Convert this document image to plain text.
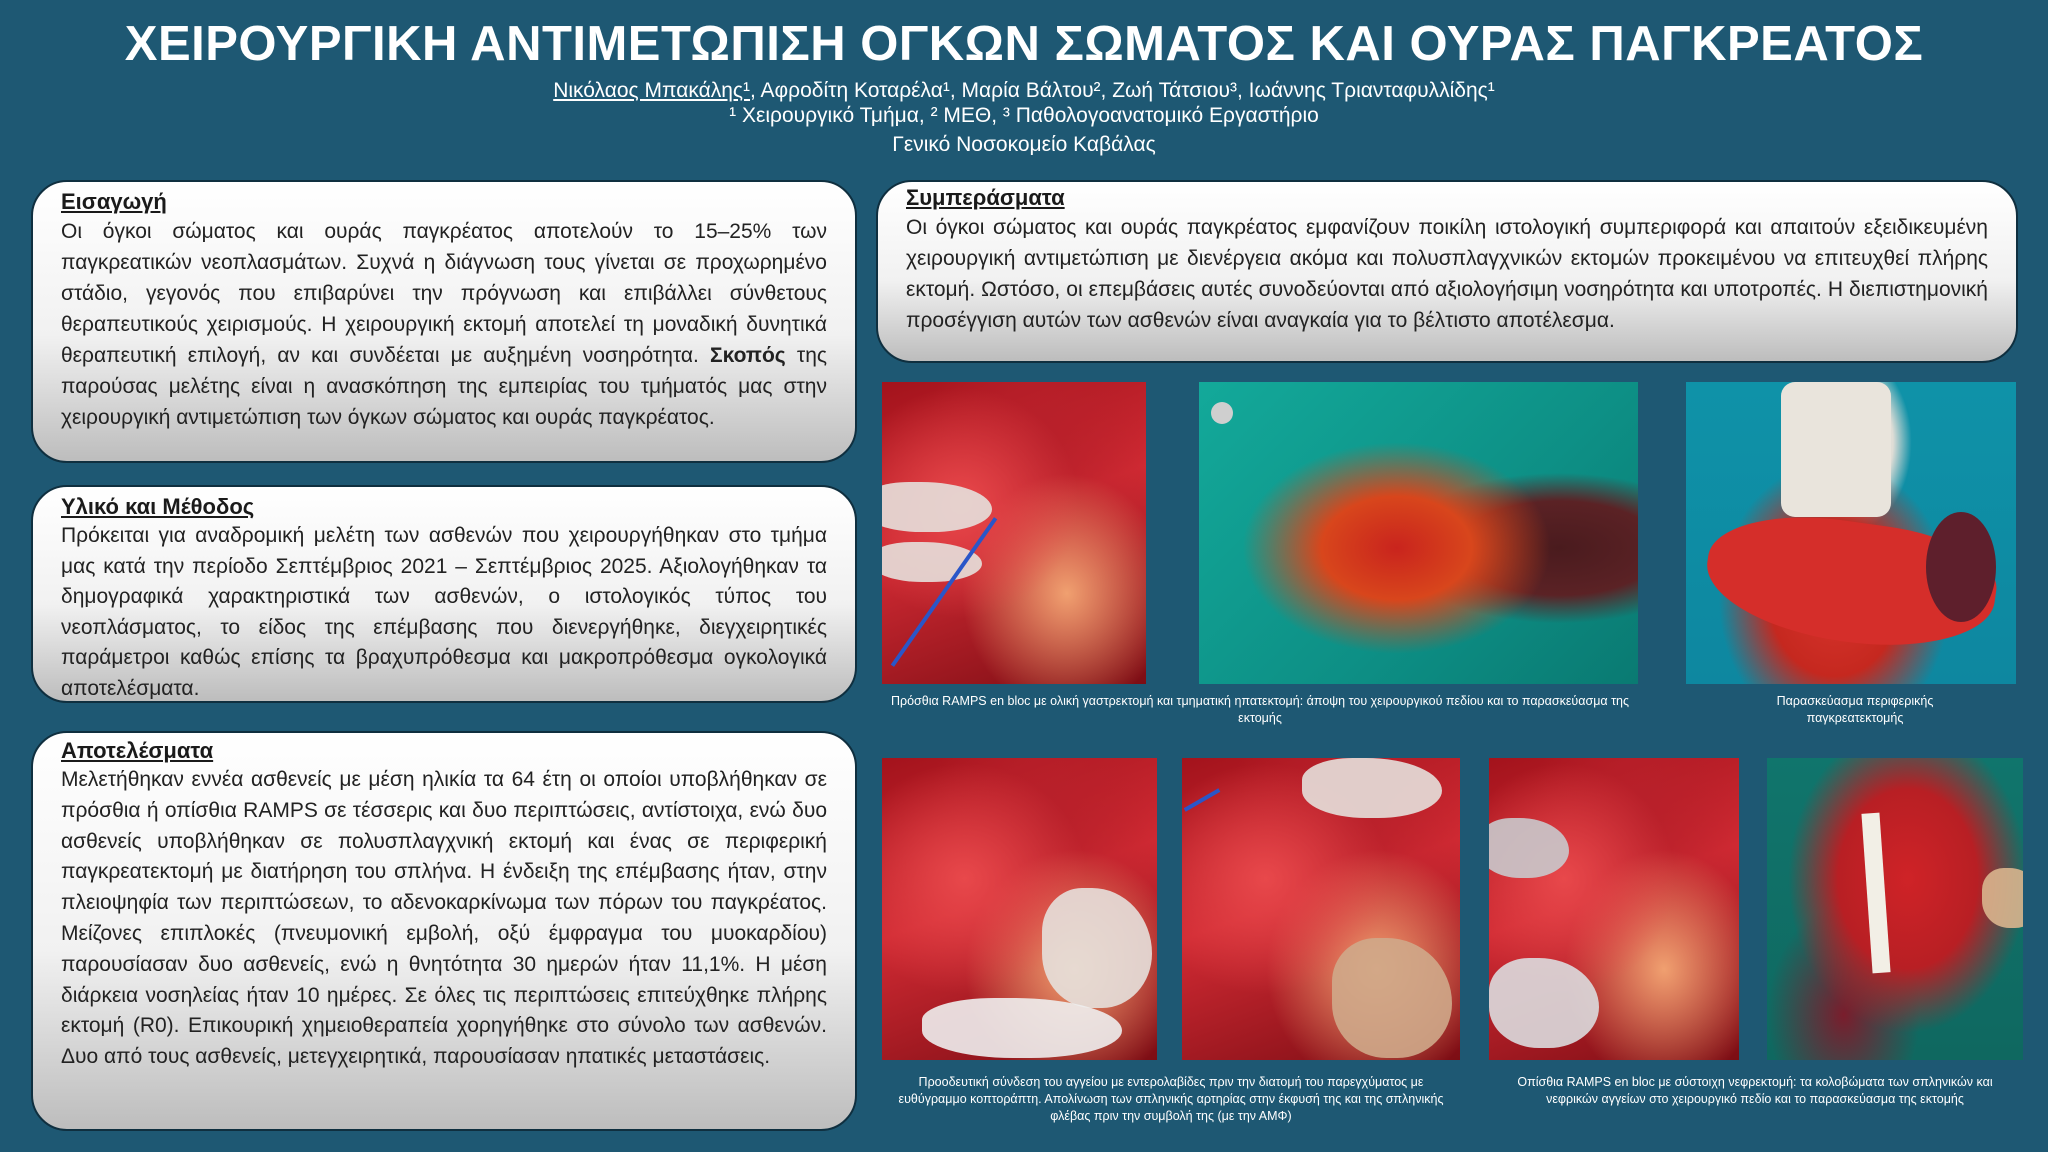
ΧΕΙΡΟΥΡΓΙΚΗ ΑΝΤΙΜΕΤΩΠΙΣΗ ΟΓΚΩΝ ΣΩΜΑΤΟΣ ΚΑΙ ΟΥΡΑΣ ΠΑΓΚΡΕΑΤΟΣ
Νικόλαος Μπακάλης¹, Αφροδίτη Κοταρέλα¹, Μαρία Βάλτου², Ζωή Τάτσιου³, Ιωάννης Τριανταφυλλίδης¹
¹ Χειρουργικό Τμήμα, ² ΜΕΘ, ³ Παθολογοανατομικό Εργαστήριο
Γενικό Νοσοκομείο Καβάλας
Εισαγωγή

Οι όγκοι σώματος και ουράς παγκρέατος αποτελούν το 15–25% των παγκρεατικών νεοπλασμάτων. Συχνά η διάγνωση τους γίνεται σε προχωρημένο στάδιο, γεγονός που επιβαρύνει την πρόγνωση και επιβάλλει σύνθετους θεραπευτικούς χειρισμούς. Η χειρουργική εκτομή αποτελεί τη μοναδική δυνητικά θεραπευτική επιλογή, αν και συνδέεται με αυξημένη νοσηρότητα. Σκοπός της παρούσας μελέτης είναι η ανασκόπηση της εμπειρίας του τμήματός μας στην χειρουργική αντιμετώπιση των όγκων σώματος και ουράς παγκρέατος.

Υλικό και Μέθοδος

Πρόκειται για αναδρομική μελέτη των ασθενών που χειρουργήθηκαν στο τμήμα μας κατά την περίοδο Σεπτέμβριος 2021 – Σεπτέμβριος 2025. Αξιολογήθηκαν τα δημογραφικά χαρακτηριστικά των ασθενών, ο ιστολογικός τύπος του νεοπλάσματος, το είδος της επέμβασης που διενεργήθηκε, διεγχειρητικές παράμετροι καθώς επίσης τα βραχυπρόθεσμα και μακροπρόθεσμα ογκολογικά αποτελέσματα.

Αποτελέσματα

Μελετήθηκαν εννέα ασθενείς με μέση ηλικία τα 64 έτη οι οποίοι υποβλήθηκαν σε πρόσθια ή οπίσθια RAMPS σε τέσσερις και δυο περιπτώσεις, αντίστοιχα, ενώ δυο ασθενείς υποβλήθηκαν σε πολυσπλαγχνική εκτομή και ένας σε περιφερική παγκρεατεκτομή με διατήρηση του σπλήνα. Η ένδειξη της επέμβασης ήταν, στην πλειοψηφία των περιπτώσεων, το αδενοκαρκίνωμα των πόρων του παγκρέατος. Μείζονες επιπλοκές (πνευμονική εμβολή, οξύ έμφραγμα του μυοκαρδίου) παρουσίασαν δυο ασθενείς, ενώ η θνητότητα 30 ημερών ήταν 11,1%. Η μέση διάρκεια νοσηλείας ήταν 10 ημέρες. Σε όλες τις περιπτώσεις επιτεύχθηκε πλήρης εκτομή (R0). Επικουρική χημειοθεραπεία χορηγήθηκε στο σύνολο των ασθενών. Δυο από τους ασθενείς, μετεγχειρητικά, παρουσίασαν ηπατικές μεταστάσεις.

Συμπεράσματα

Οι όγκοι σώματος και ουράς παγκρέατος εμφανίζουν ποικίλη ιστολογική συμπεριφορά και απαιτούν εξειδικευμένη χειρουργική αντιμετώπιση με διενέργεια ακόμα και πολυσπλαγχνικών εκτομών προκειμένου να επιτευχθεί πλήρης εκτομή. Ωστόσο, οι επεμβάσεις αυτές συνοδεύονται από αξιολογήσιμη νοσηρότητα και υποτροπές. Η διεπιστημονική προσέγγιση αυτών των ασθενών είναι αναγκαία για το βέλτιστο αποτέλεσμα.

Πρόσθια RAMPS en bloc με ολική γαστρεκτομή και τμηματική ηπατεκτομή: άποψη του χειρουργικού πεδίου και το παρασκεύασμα της εκτομής
Παρασκεύασμα περιφερικής παγκρεατεκτομής
Προοδευτική σύνδεση του αγγείου με εντερολαβίδες πριν την διατομή του παρεγχύματος με ευθύγραμμο κοπτοράπτη. Απολίνωση των σπληνικής αρτηρίας στην έκφυσή της και της σπληνικής φλέβας πριν την συμβολή της (με την ΑΜΦ)
Οπίσθια RAMPS en bloc με σύστοιχη νεφρεκτομή: τα κολοβώματα των σπληνικών και νεφρικών αγγείων στο χειρουργικό πεδίο και το παρασκεύασμα της εκτομής
